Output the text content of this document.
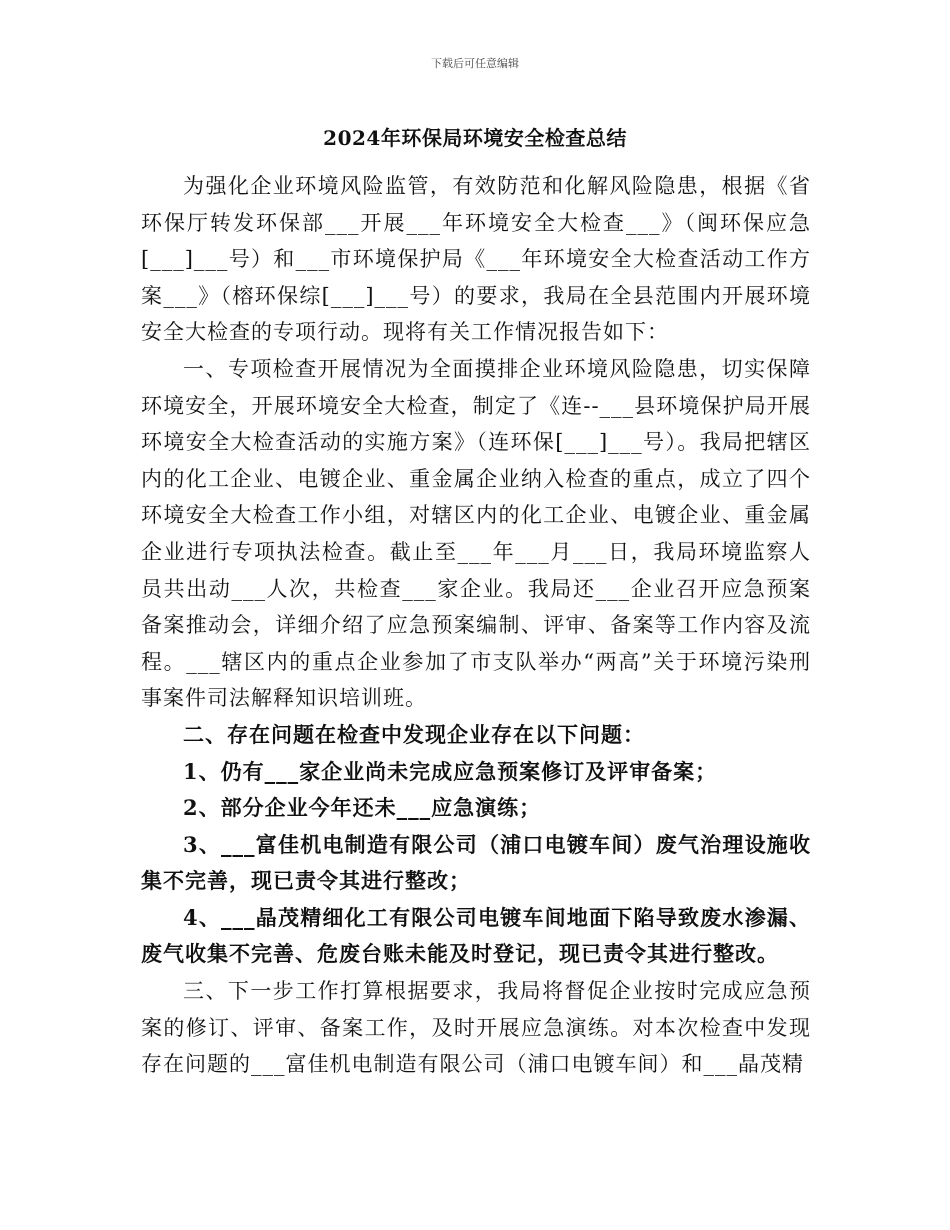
下载后可任意编辑
2024年环保局环境安全检查总结

为强化企业环境风险监管，有效防范和化解风险隐患，根据《省环保厅转发环保部___开展___年环境安全大检查___》（闽环保应急[___]___号）和___市环境保护局《___年环境安全大检查活动工作方案___》（榕环保综[___]___号）的要求，我局在全县范围内开展环境安全大检查的专项行动。现将有关工作情况报告如下：

一、专项检查开展情况为全面摸排企业环境风险隐患，切实保障环境安全，开展环境安全大检查，制定了《连--___县环境保护局开展环境安全大检查活动的实施方案》（连环保[___]___号）。我局把辖区内的化工企业、电镀企业、重金属企业纳入检查的重点，成立了四个环境安全大检查工作小组，对辖区内的化工企业、电镀企业、重金属企业进行专项执法检查。截止至___年___月___日，我局环境监察人员共出动___人次，共检查___家企业。我局还___企业召开应急预案备案推动会，详细介绍了应急预案编制、评审、备案等工作内容及流程。___辖区内的重点企业参加了市支队举办“两高”关于环境污染刑事案件司法解释知识培训班。

二、存在问题在检查中发现企业存在以下问题：

1、仍有___家企业尚未完成应急预案修订及评审备案；

2、部分企业今年还未___应急演练；

3、___富佳机电制造有限公司（浦口电镀车间）废气治理设施收集不完善，现已责令其进行整改；

4、___晶茂精细化工有限公司电镀车间地面下陷导致废水渗漏、废气收集不完善、危废台账未能及时登记，现已责令其进行整改。

三、下一步工作打算根据要求，我局将督促企业按时完成应急预案的修订、评审、备案工作，及时开展应急演练。对本次检查中发现存在问题的___富佳机电制造有限公司（浦口电镀车间）和___晶茂精
